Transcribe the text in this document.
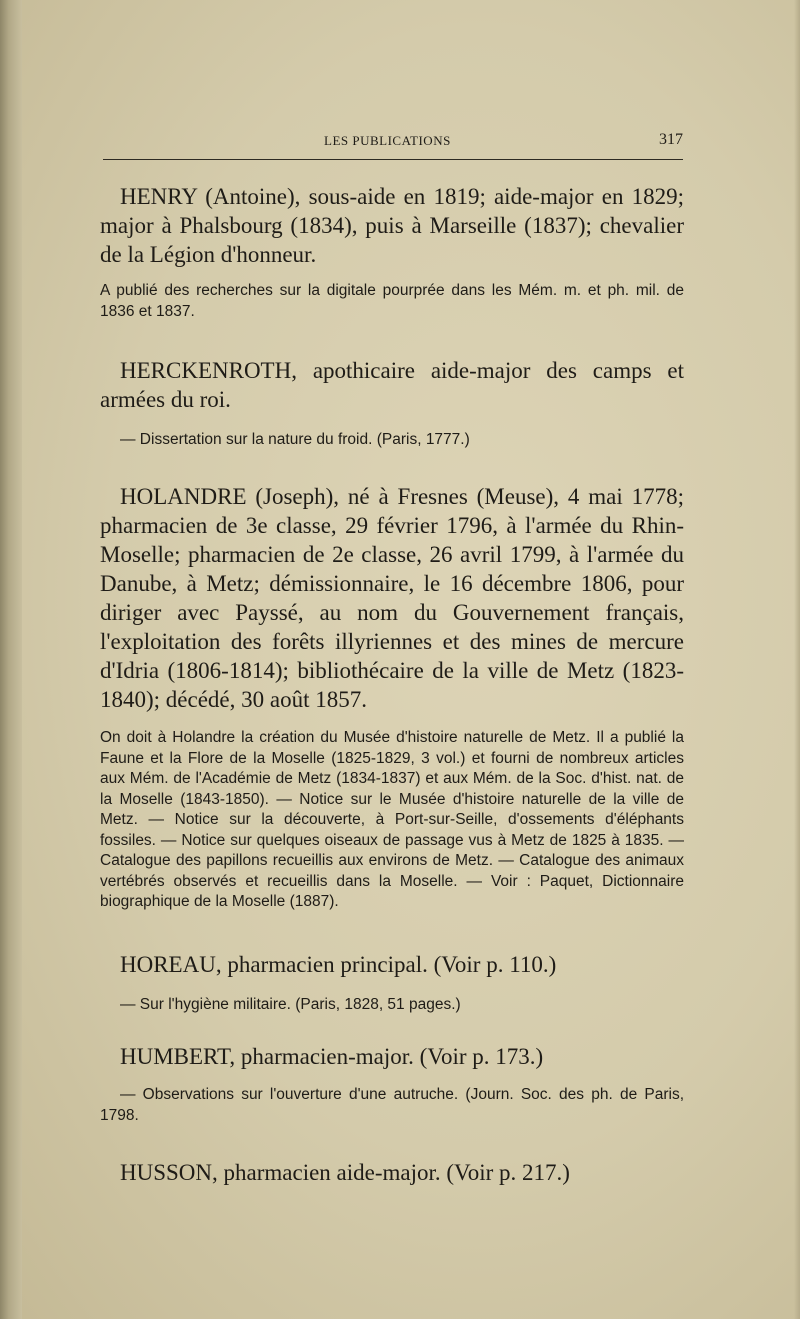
LES PUBLICATIONS	317

HENRY (Antoine), sous-aide en 1819; aide-major en 1829; major à Phalsbourg (1834), puis à Marseille (1837); chevalier de la Légion d'honneur.

A publié des recherches sur la digitale pourprée dans les Mém. m. et ph. mil. de 1836 et 1837.

HERCKENROTH, apothicaire aide-major des camps et armées du roi.

— Dissertation sur la nature du froid. (Paris, 1777.)

HOLANDRE (Joseph), né à Fresnes (Meuse), 4 mai 1778; pharmacien de 3e classe, 29 février 1796, à l'armée du Rhin-Moselle; pharmacien de 2e classe, 26 avril 1799, à l'armée du Danube, à Metz; démissionnaire, le 16 décembre 1806, pour diriger avec Payssé, au nom du Gouvernement français, l'exploitation des forêts illyriennes et des mines de mercure d'Idria (1806-1814); bibliothécaire de la ville de Metz (1823-1840); décédé, 30 août 1857.

On doit à Holandre la création du Musée d'histoire naturelle de Metz. Il a publié la Faune et la Flore de la Moselle (1825-1829, 3 vol.) et fourni de nombreux articles aux Mém. de l'Académie de Metz (1834-1837) et aux Mém. de la Soc. d'hist. nat. de la Moselle (1843-1850). — Notice sur le Musée d'histoire naturelle de la ville de Metz. — Notice sur la découverte, à Port-sur-Seille, d'ossements d'éléphants fossiles. — Notice sur quelques oiseaux de passage vus à Metz de 1825 à 1835. — Catalogue des papillons recueillis aux environs de Metz. — Catalogue des animaux vertébrés observés et recueillis dans la Moselle. — Voir : Paquet, Dictionnaire biographique de la Moselle (1887).

HOREAU, pharmacien principal. (Voir p. 110.)

— Sur l'hygiène militaire. (Paris, 1828, 51 pages.)

HUMBERT, pharmacien-major. (Voir p. 173.)

— Observations sur l'ouverture d'une autruche. (Journ. Soc. des ph. de Paris, 1798.

HUSSON, pharmacien aide-major. (Voir p. 217.)
